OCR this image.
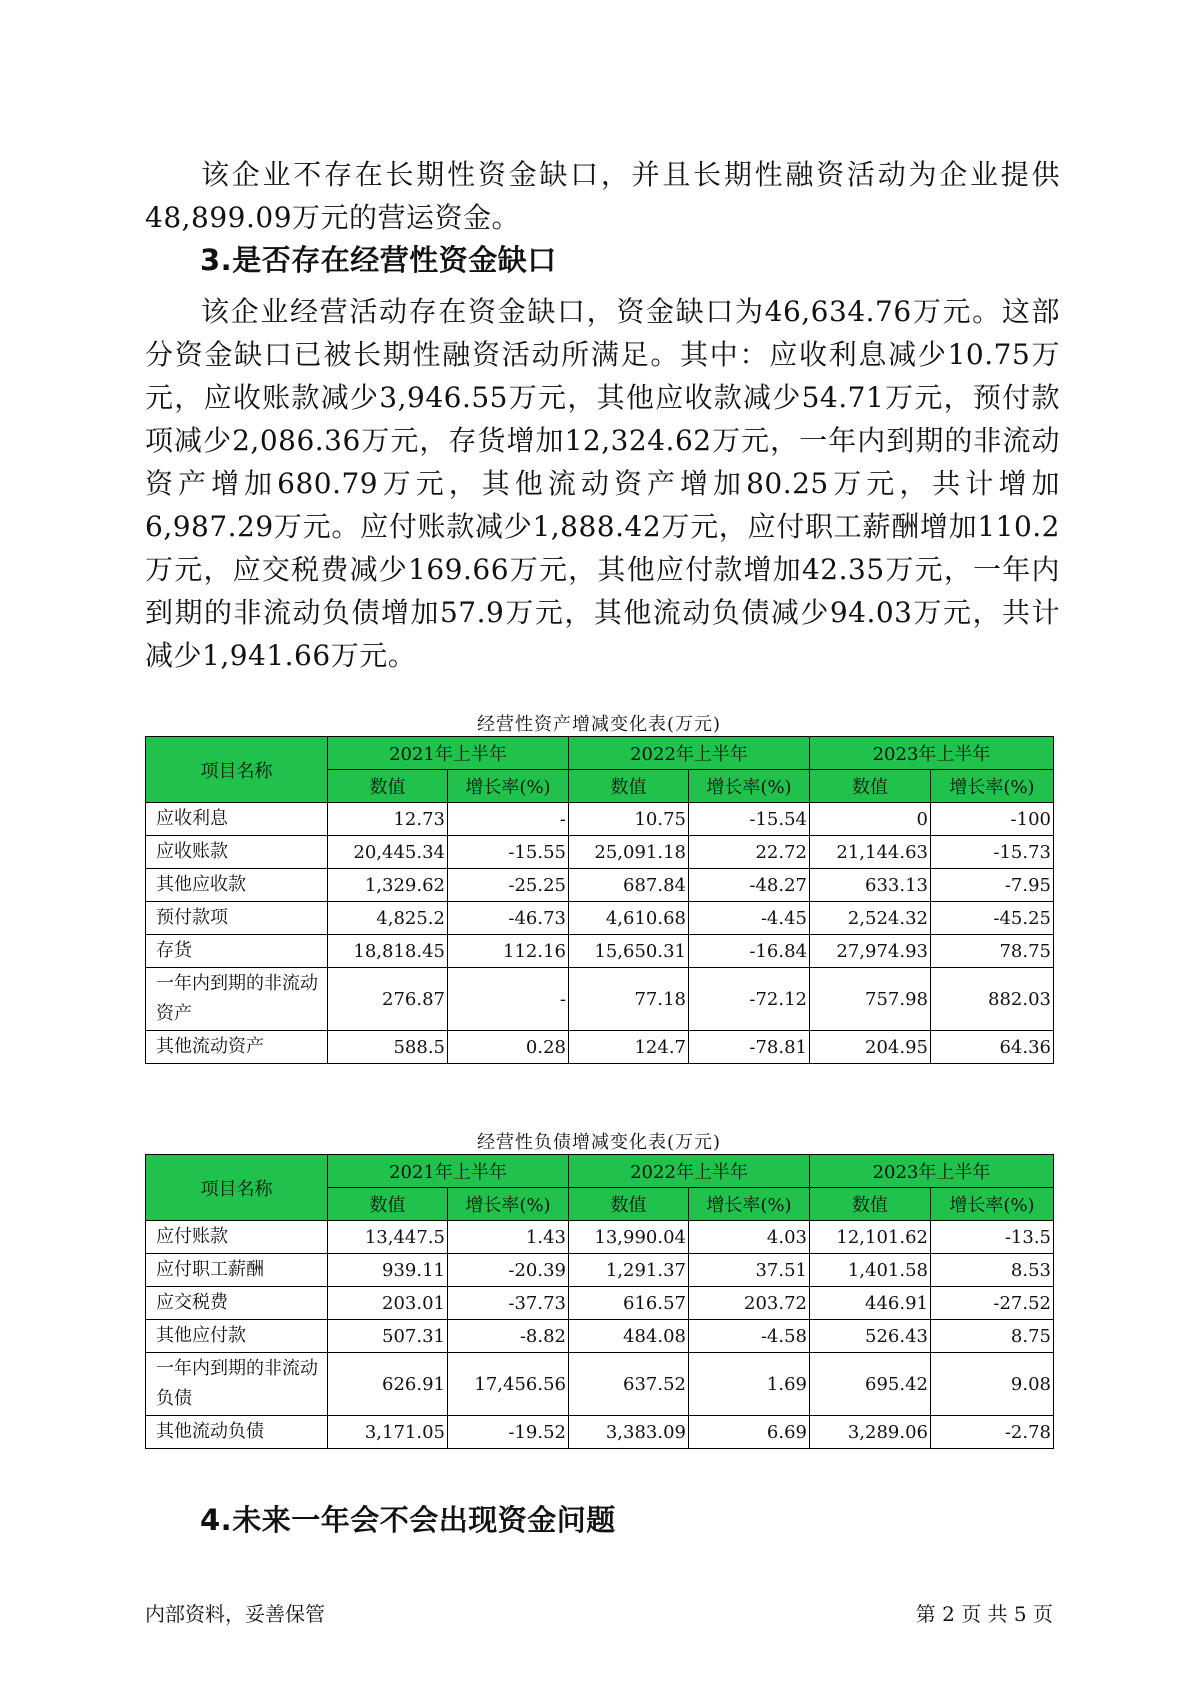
该企业不存在长期性资金缺口，并且长期性融资活动为企业提供48,899.09万元的营运资金。

3.是否存在经营性资金缺口

该企业经营活动存在资金缺口，资金缺口为46,634.76万元。这部分资金缺口已被长期性融资活动所满足。其中：应收利息减少10.75万元，应收账款减少3,946.55万元，其他应收款减少54.71万元，预付款项减少2,086.36万元，存货增加12,324.62万元，一年内到期的非流动资产增加680.79万元，其他流动资产增加80.25万元，共计增加6,987.29万元。应付账款减少1,888.42万元，应付职工薪酬增加110.2万元，应交税费减少169.66万元，其他应付款增加42.35万元，一年内到期的非流动负债增加57.9万元，其他流动负债减少94.03万元，共计减少1,941.66万元。

经营性资产增减变化表(万元)
项目名称	2021年上半年		2022年上半年		2023年上半年	
	数值	增长率(%)	数值	增长率(%)	数值	增长率(%)
应收利息	12.73	-	10.75	-15.54	0	-100
应收账款	20,445.34	-15.55	25,091.18	22.72	21,144.63	-15.73
其他应收款	1,329.62	-25.25	687.84	-48.27	633.13	-7.95
预付款项	4,825.2	-46.73	4,610.68	-4.45	2,524.32	-45.25
存货	18,818.45	112.16	15,650.31	-16.84	27,974.93	78.75
一年内到期的非流动资产	276.87	-	77.18	-72.12	757.98	882.03
其他流动资产	588.5	0.28	124.7	-78.81	204.95	64.36
经营性负债增减变化表(万元)
项目名称	2021年上半年		2022年上半年		2023年上半年	
	数值	增长率(%)	数值	增长率(%)	数值	增长率(%)
应付账款	13,447.5	1.43	13,990.04	4.03	12,101.62	-13.5
应付职工薪酬	939.11	-20.39	1,291.37	37.51	1,401.58	8.53
应交税费	203.01	-37.73	616.57	203.72	446.91	-27.52
其他应付款	507.31	-8.82	484.08	-4.58	526.43	8.75
一年内到期的非流动负债	626.91	17,456.56	637.52	1.69	695.42	9.08
其他流动负债	3,171.05	-19.52	3,383.09	6.69	3,289.06	-2.78
4.未来一年会不会出现资金问题
内部资料，妥善保管	第 2 页 共 5 页
